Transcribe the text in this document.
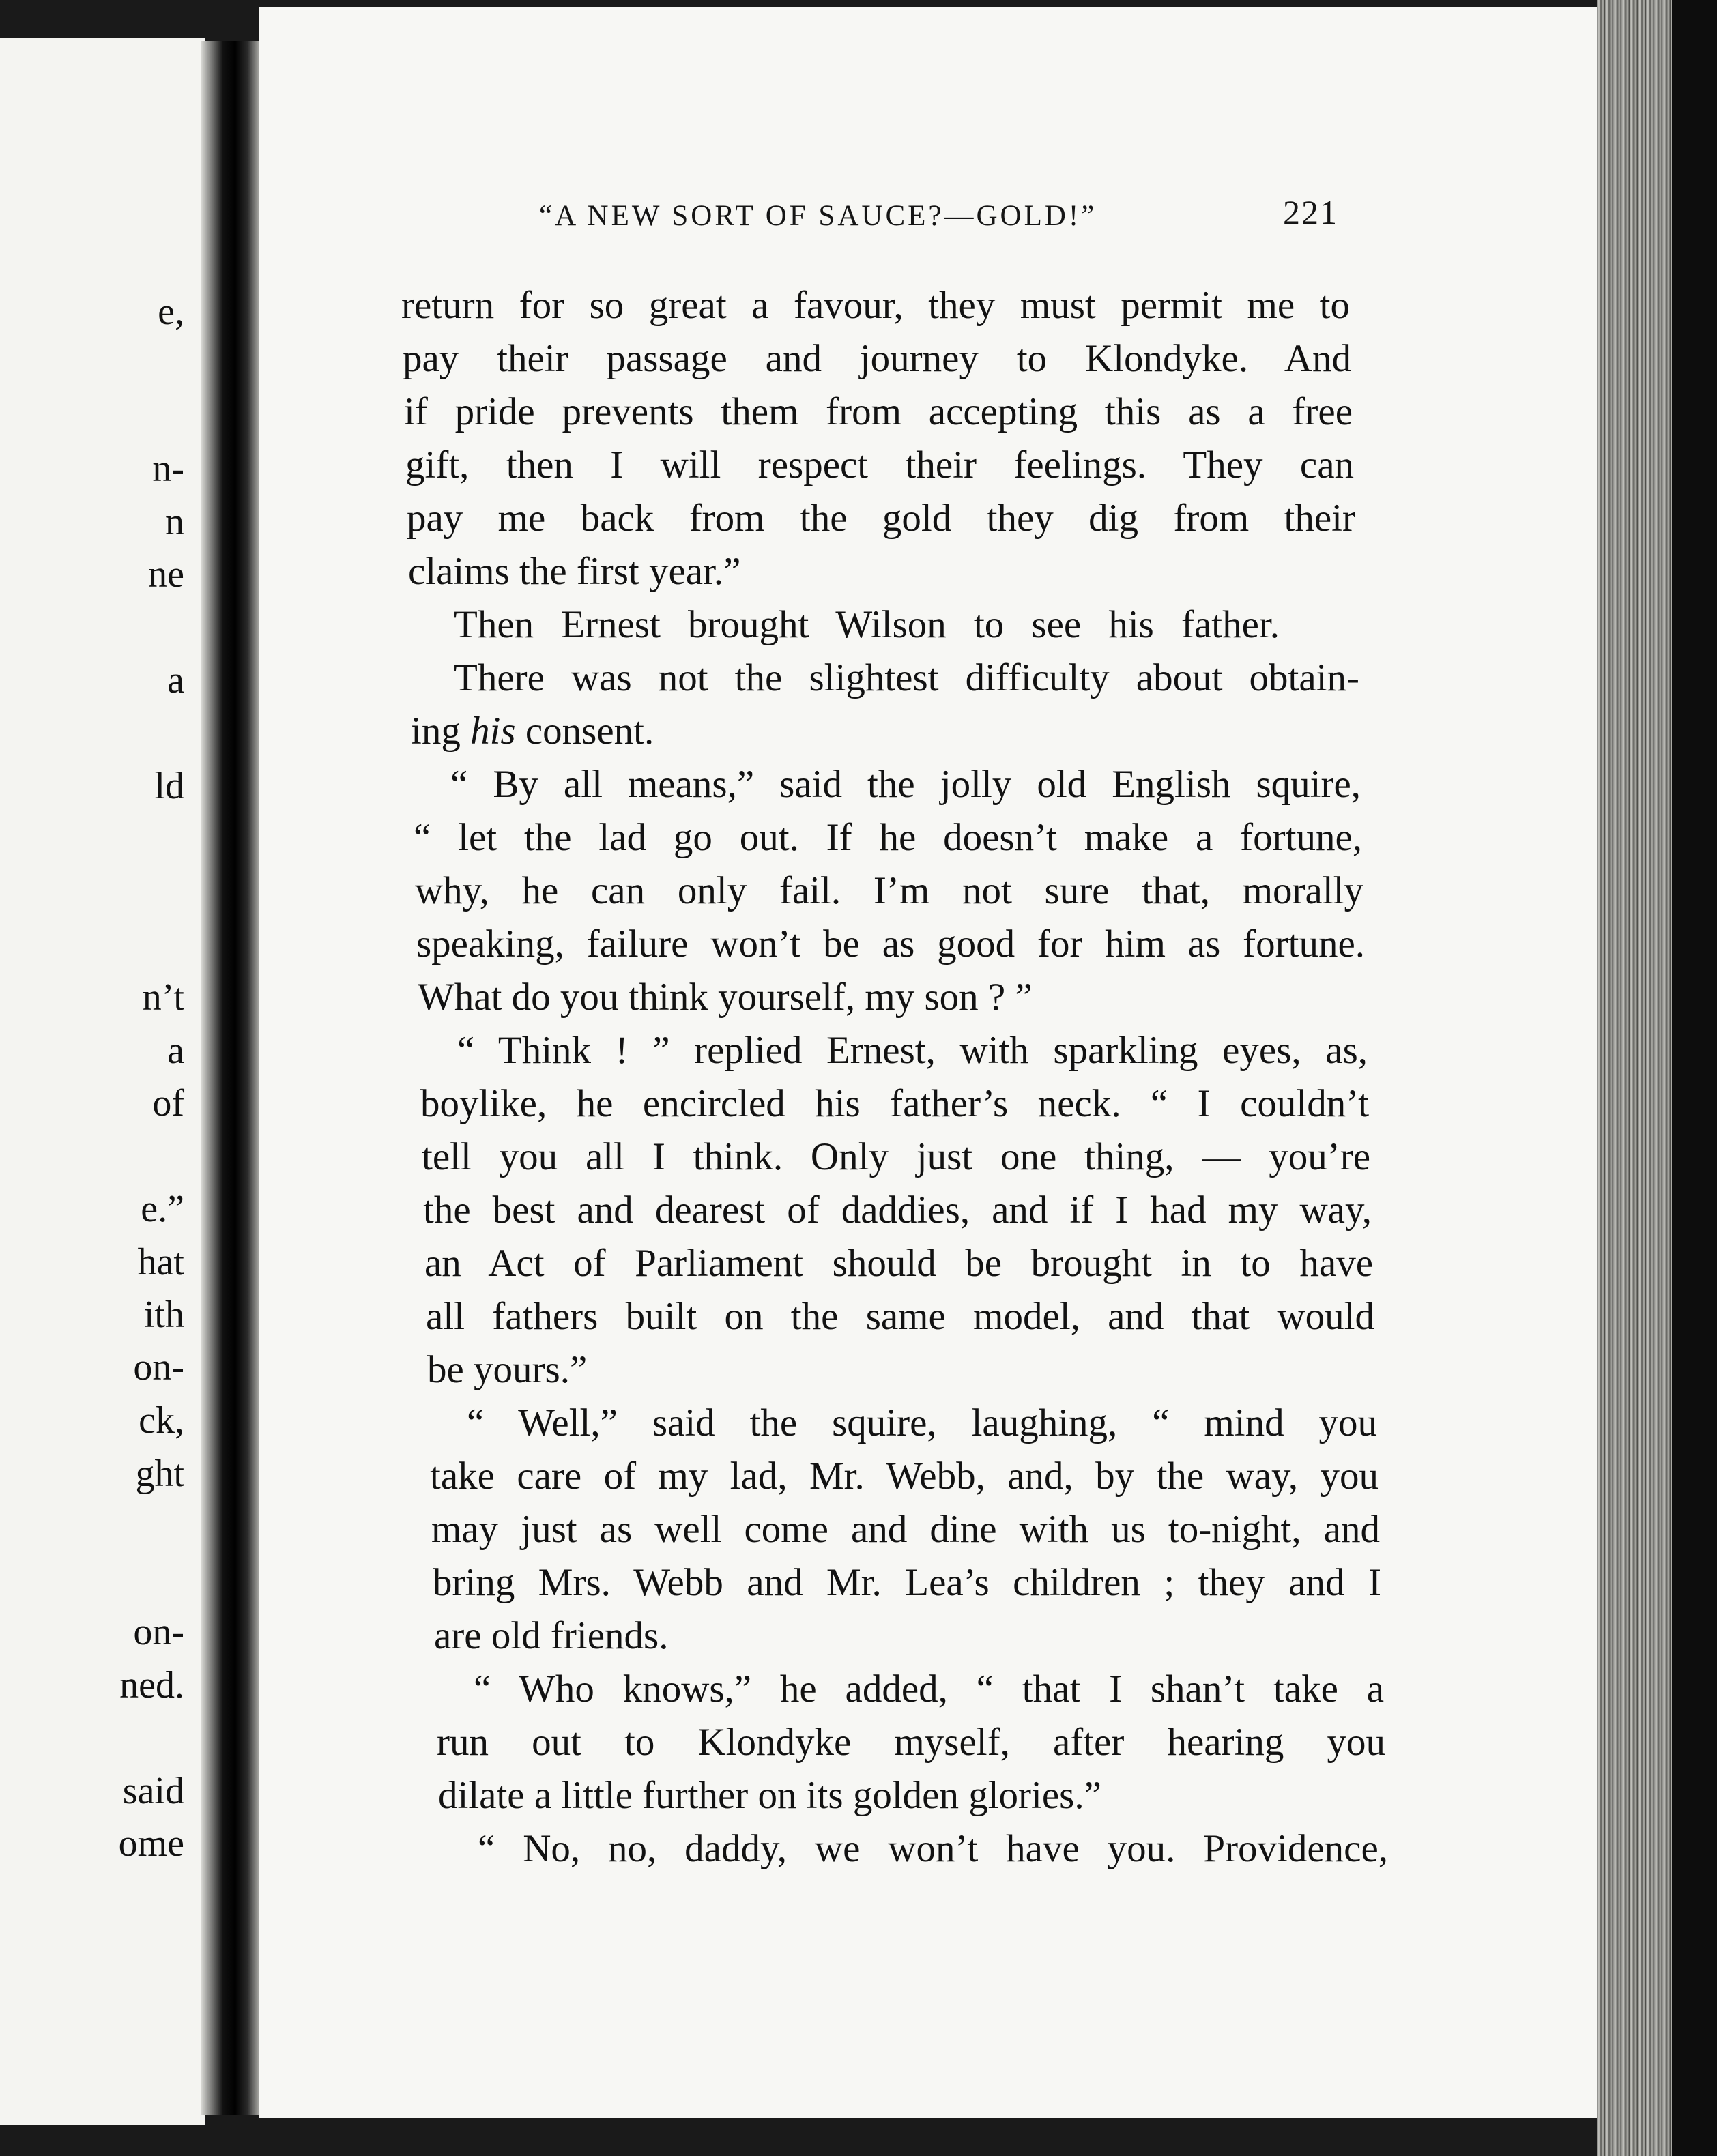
e,
n-
n
ne
a
ld
n’t
a
of
e.”
hat
ith
on-
ck,
ght
on-
ned.
said
ome
“A NEW SORT OF SAUCE?—GOLD!”	221
return for so great a favour, they must permit me to
pay their passage and journey to Klondyke. And
if pride prevents them from accepting this as a free
gift, then I will respect their feelings. They can
pay me back from the gold they dig from their
claims the first year.”
Then Ernest brought Wilson to see his father.
There was not the slightest difficulty about obtain-
ing his consent.
“ By all means,” said the jolly old English squire,
“ let the lad go out. If he doesn’t make a fortune,
why, he can only fail. I’m not sure that, morally
speaking, failure won’t be as good for him as fortune.
What do you think yourself, my son ? ”
“ Think ! ” replied Ernest, with sparkling eyes, as,
boylike, he encircled his father’s neck. “ I couldn’t
tell you all I think. Only just one thing, — you’re
the best and dearest of daddies, and if I had my way,
an Act of Parliament should be brought in to have
all fathers built on the same model, and that would
be yours.”
“ Well,” said the squire, laughing, “ mind you
take care of my lad, Mr. Webb, and, by the way, you
may just as well come and dine with us to-night, and
bring Mrs. Webb and Mr. Lea’s children ; they and I
are old friends.
“ Who knows,” he added, “ that I shan’t take a
run out to Klondyke myself, after hearing you
dilate a little further on its golden glories.”
“ No, no, daddy, we won’t have you. Providence,
